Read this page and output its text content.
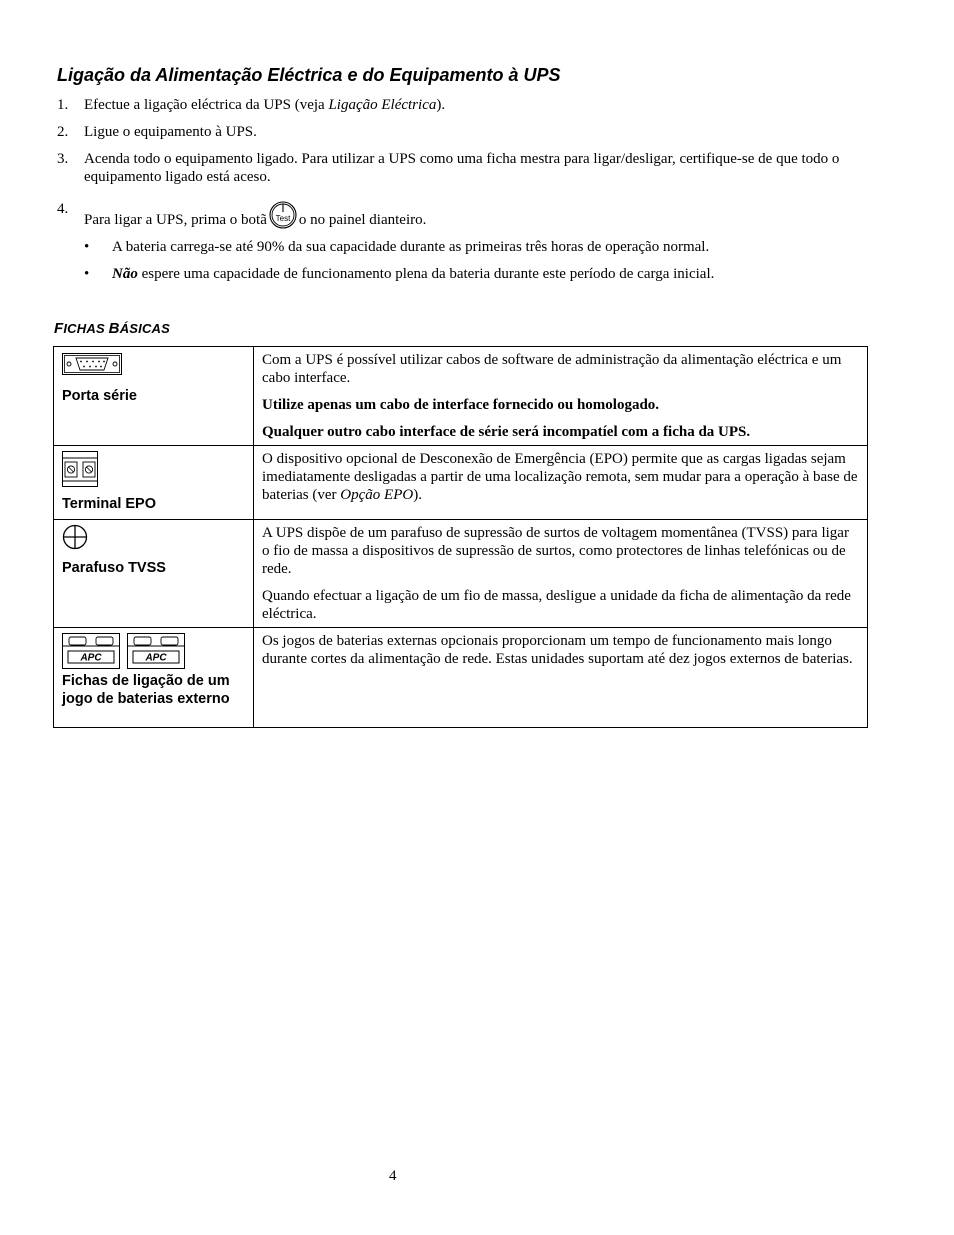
Ligação da Alimentação Eléctrica e do Equipamento à UPS
1. Efectue a ligação eléctrica da UPS (veja Ligação Eléctrica).
2. Ligue o equipamento à UPS.
3. Acenda todo o equipamento ligado. Para utilizar a UPS como uma ficha mestra para ligar/desligar, certifique-se de que todo o equipamento ligado está aceso.
4.
Para ligar a UPS, prima o botã Test o no painel dianteiro.
• A bateria carrega-se até 90% da sua capacidade durante as primeiras três horas de operação normal.
• Não espere uma capacidade de funcionamento plena da bateria durante este período de carga inicial.
FICHAS BÁSICAS
Porta série	Com a UPS é possível utilizar cabos de software de administração da alimentação eléctrica e um cabo interface.

Utilize apenas um cabo de interface fornecido ou homologado.

Qualquer outro cabo interface de série será incompatíel com a ficha da UPS.

Terminal EPO	O dispositivo opcional de Desconexão de Emergência (EPO) permite que as cargas ligadas sejam imediatamente desligadas a partir de uma localização remota, sem mudar para a operação à base de baterias (ver Opção EPO).

Parafuso TVSS	A UPS dispõe de um parafuso de supressão de surtos de voltagem momentânea (TVSS) para ligar o fio de massa a dispositivos de supressão de surtos, como protectores de linhas telefónicas ou de rede.

Quando efectuar a ligação de um fio de massa, desligue a unidade da ficha de alimentação da rede eléctrica.

APC APC
Fichas de ligação de um jogo de baterias externo	Os jogos de baterias externas opcionais proporcionam um tempo de funcionamento mais longo durante cortes da alimentação de rede. Estas unidades suportam até dez jogos externos de baterias.

4
